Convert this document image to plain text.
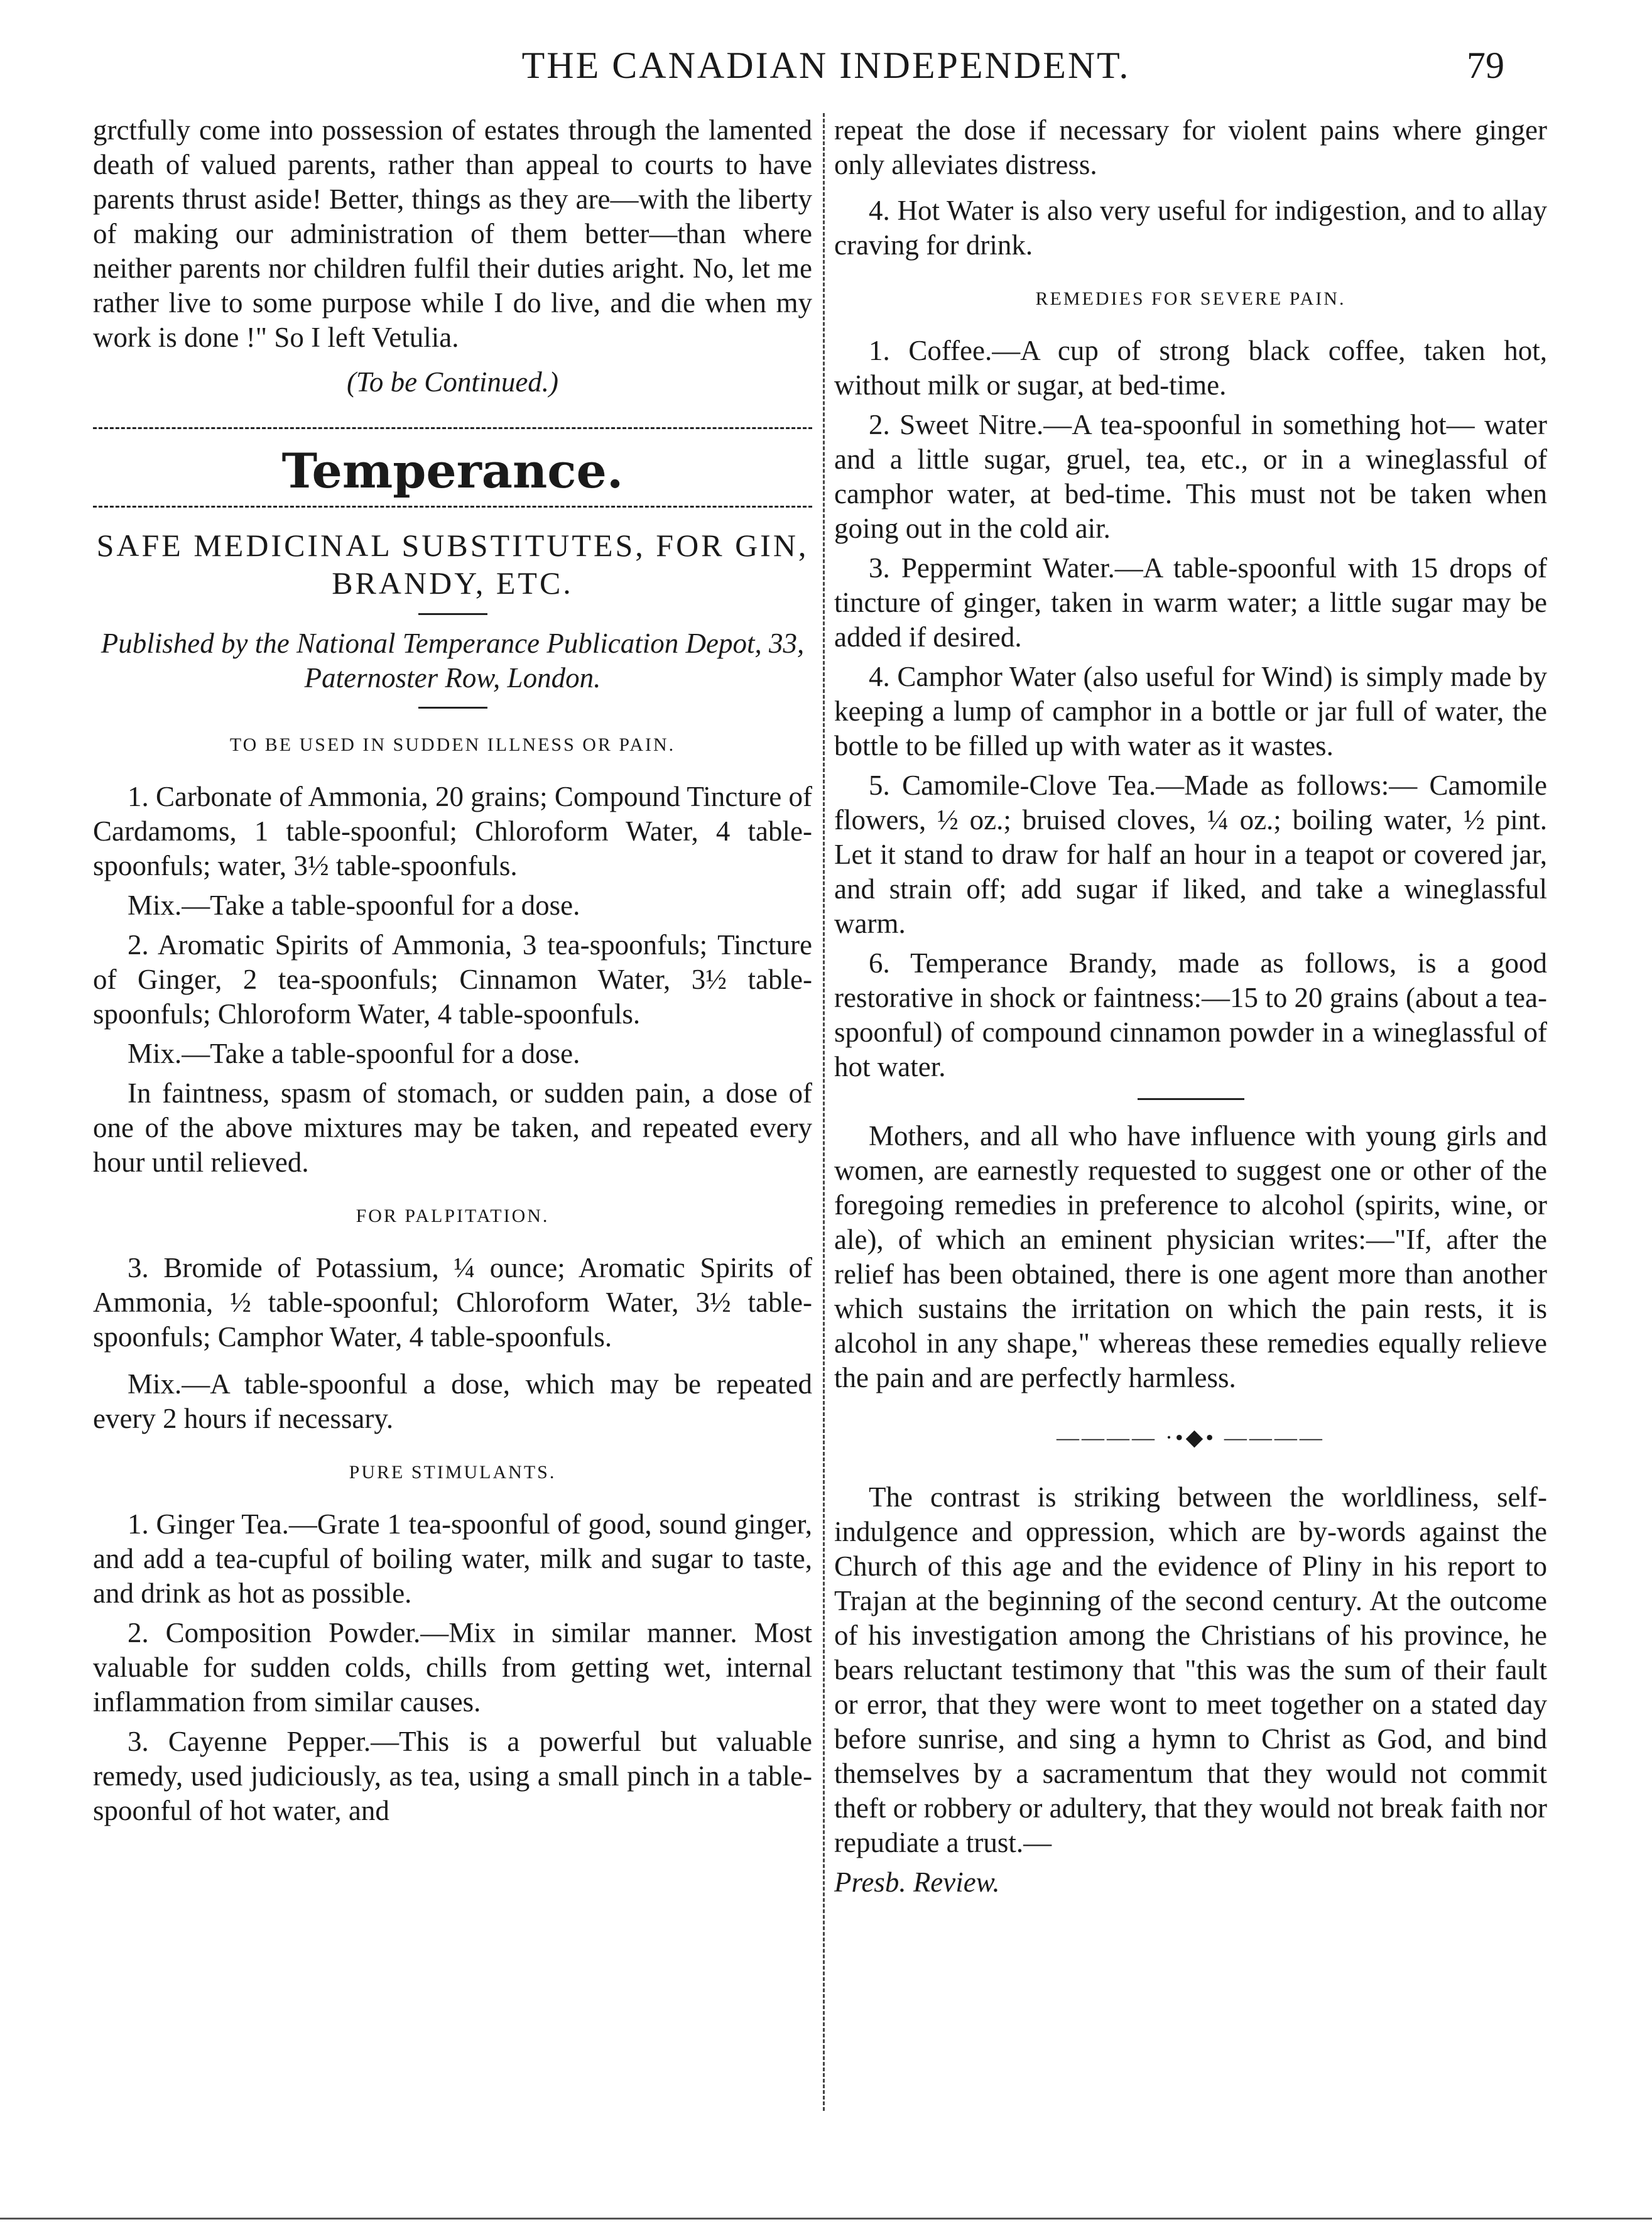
THE CANADIAN INDEPENDENT.	79

grctfully come into possession of estates through the lamented death of valued parents, rather than appeal to courts to have parents thrust aside! Better, things as they are—with the liberty of making our administration of them better—than where neither parents nor children fulfil their duties aright. No, let me rather live to some purpose while I do live, and die when my work is done !" So I left Vetulia.

(To be Continued.)

Temperance.
SAFE MEDICINAL SUBSTITUTES, FOR GIN, BRANDY, ETC.

Published by the National Temperance Publication Depot, 33, Paternoster Row, London.

TO BE USED IN SUDDEN ILLNESS OR PAIN.

1. Carbonate of Ammonia, 20 grains; Compound Tincture of Cardamoms, 1 table-spoonful; Chloroform Water, 4 table-spoonfuls; water, 3½ table-spoonfuls.

Mix.—Take a table-spoonful for a dose.

2. Aromatic Spirits of Ammonia, 3 tea-spoonfuls; Tincture of Ginger, 2 tea-spoonfuls; Cinnamon Water, 3½ table-spoonfuls; Chloroform Water, 4 table-spoonfuls.

Mix.—Take a table-spoonful for a dose.

In faintness, spasm of stomach, or sudden pain, a dose of one of the above mixtures may be taken, and repeated every hour until relieved.

FOR PALPITATION.

3. Bromide of Potassium, ¼ ounce; Aromatic Spirits of Ammonia, ½ table-spoonful; Chloroform Water, 3½ table-spoonfuls; Camphor Water, 4 table-spoonfuls.

Mix.—A table-spoonful a dose, which may be repeated every 2 hours if necessary.

PURE STIMULANTS.

1. Ginger Tea.—Grate 1 tea-spoonful of good, sound ginger, and add a tea-cupful of boiling water, milk and sugar to taste, and drink as hot as possible.

2. Composition Powder.—Mix in similar manner. Most valuable for sudden colds, chills from getting wet, internal inflammation from similar causes.

3. Cayenne Pepper.—This is a powerful but valuable remedy, used judiciously, as tea, using a small pinch in a table-spoonful of hot water, and

repeat the dose if necessary for violent pains where ginger only alleviates distress.

4. Hot Water is also very useful for indigestion, and to allay craving for drink.

REMEDIES FOR SEVERE PAIN.

1. Coffee.—A cup of strong black coffee, taken hot, without milk or sugar, at bed-time.

2. Sweet Nitre.—A tea-spoonful in something hot— water and a little sugar, gruel, tea, etc., or in a wineglassful of camphor water, at bed-time. This must not be taken when going out in the cold air.

3. Peppermint Water.—A table-spoonful with 15 drops of tincture of ginger, taken in warm water; a little sugar may be added if desired.

4. Camphor Water (also useful for Wind) is simply made by keeping a lump of camphor in a bottle or jar full of water, the bottle to be filled up with water as it wastes.

5. Camomile-Clove Tea.—Made as follows:— Camomile flowers, ½ oz.; bruised cloves, ¼ oz.; boiling water, ½ pint. Let it stand to draw for half an hour in a teapot or covered jar, and strain off; add sugar if liked, and take a wineglassful warm.

6. Temperance Brandy, made as follows, is a good restorative in shock or faintness:—15 to 20 grains (about a tea-spoonful) of compound cinnamon powder in a wineglassful of hot water.

Mothers, and all who have influence with young girls and women, are earnestly requested to suggest one or other of the foregoing remedies in preference to alcohol (spirits, wine, or ale), of which an eminent physician writes:—"If, after the relief has been obtained, there is one agent more than another which sustains the irritation on which the pain rests, it is alcohol in any shape," whereas these remedies equally relieve the pain and are perfectly harmless.

———— ·•◆• ————

The contrast is striking between the worldliness, self-indulgence and oppression, which are by-words against the Church of this age and the evidence of Pliny in his report to Trajan at the beginning of the second century. At the outcome of his investigation among the Christians of his province, he bears reluctant testimony that "this was the sum of their fault or error, that they were wont to meet together on a stated day before sunrise, and sing a hymn to Christ as God, and bind themselves by a sacramentum that they would not commit theft or robbery or adultery, that they would not break faith nor repudiate a trust.—

Presb. Review.
